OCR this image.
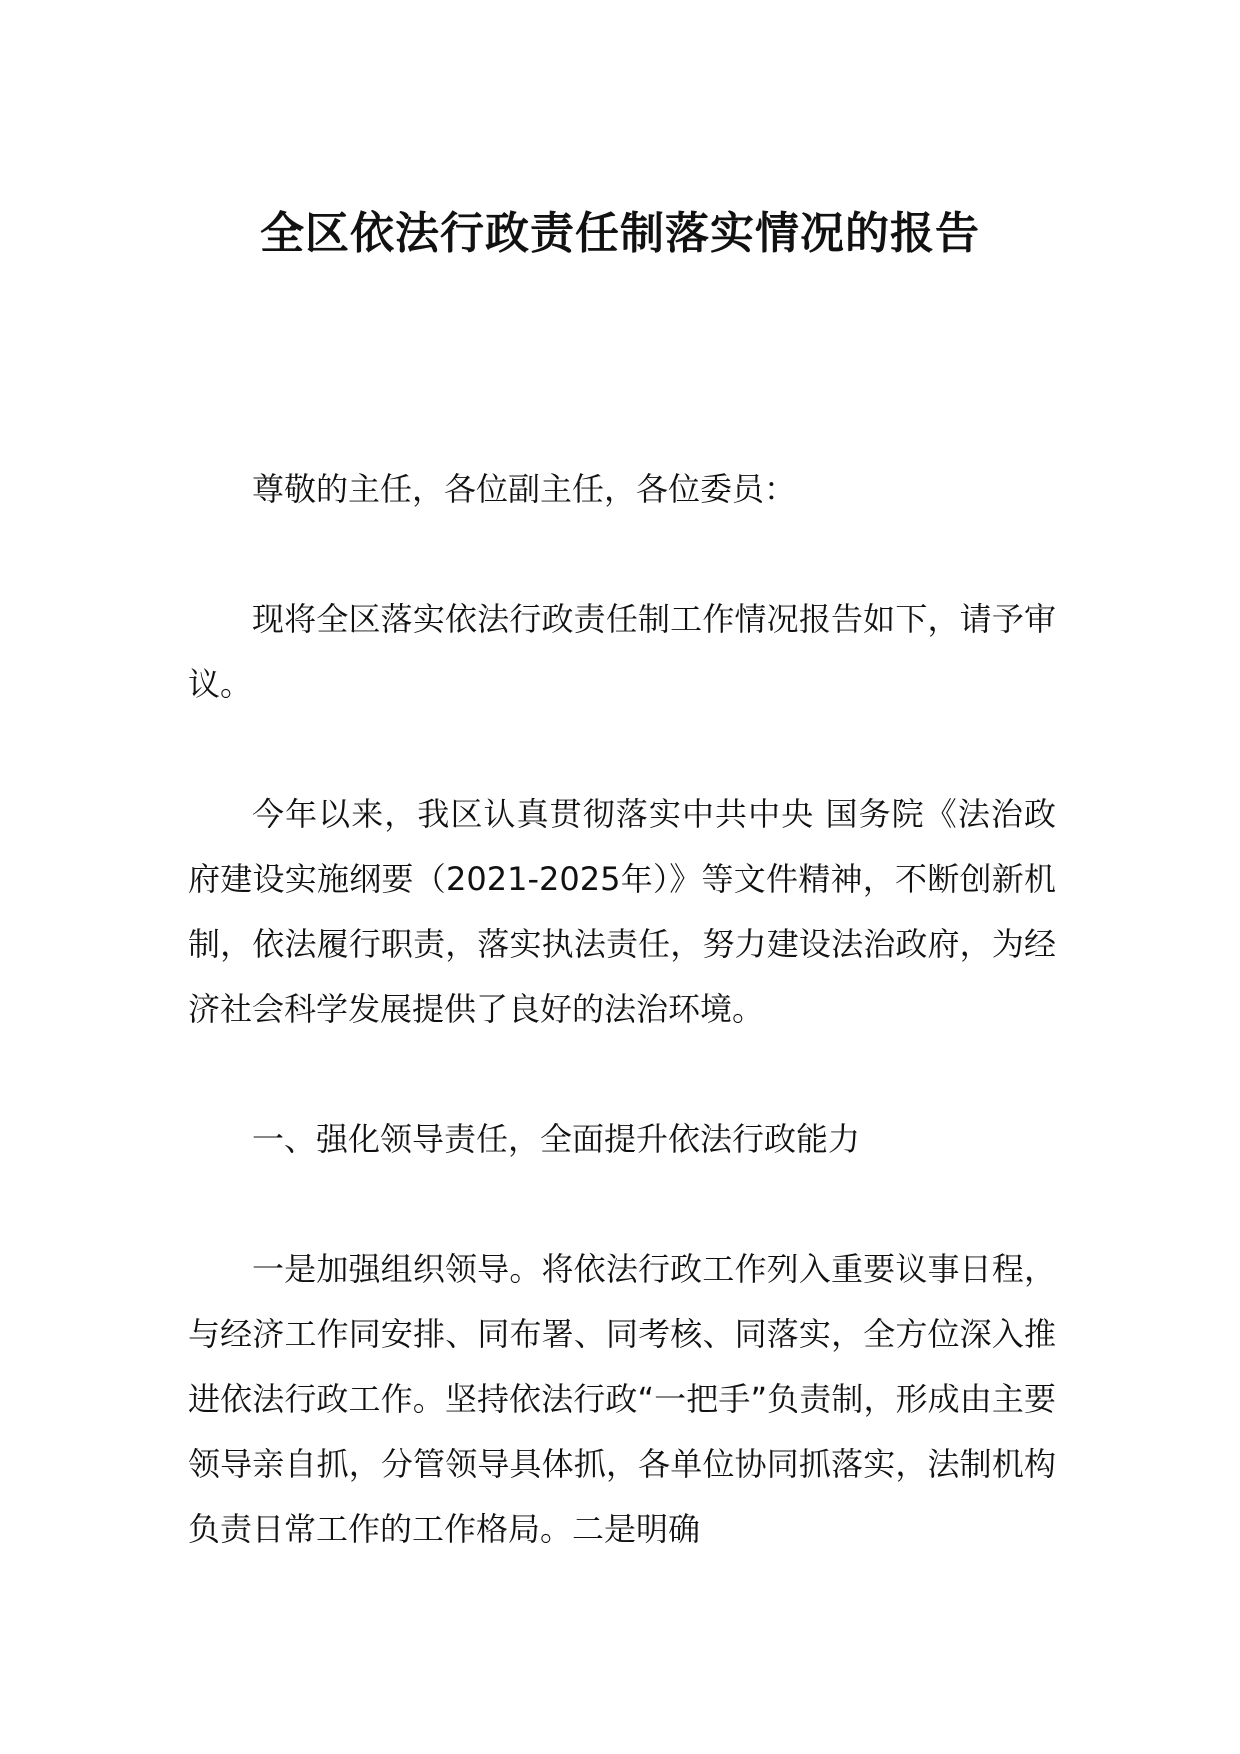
全区依法行政责任制落实情况的报告

尊敬的主任，各位副主任，各位委员：

现将全区落实依法行政责任制工作情况报告如下，请予审议。

今年以来，我区认真贯彻落实中共中央 国务院《法治政府建设实施纲要（2021-2025年）》等文件精神，不断创新机制，依法履行职责，落实执法责任，努力建设法治政府，为经济社会科学发展提供了良好的法治环境。

一、强化领导责任，全面提升依法行政能力

一是加强组织领导。将依法行政工作列入重要议事日程，与经济工作同安排、同布署、同考核、同落实，全方位深入推进依法行政工作。坚持依法行政“一把手”负责制，形成由主要领导亲自抓，分管领导具体抓，各单位协同抓落实，法制机构负责日常工作的工作格局。二是明确
